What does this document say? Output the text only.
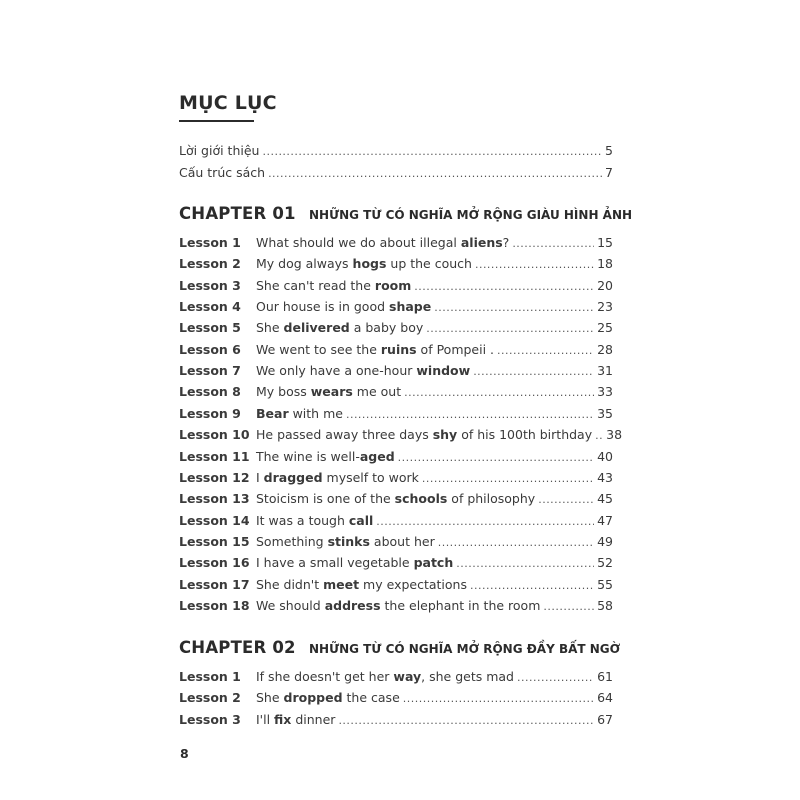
MỤC LỤC
Lời giới thiệu . . .	5
Cấu trúc sách . . .	7
CHAPTER 01	NHỮNG TỪ CÓ NGHĨA MỞ RỘNG GIÀU HÌNH ẢNH
Lesson 1	What should we do about illegal aliens? . . .	15
Lesson 2	My dog always hogs up the couch . . .	18
Lesson 3	She can't read the room . . .	20
Lesson 4	Our house is in good shape . . .	23
Lesson 5	She delivered a baby boy . . .	25
Lesson 6	We went to see the ruins of Pompeii . . . .	28
Lesson 7	We only have a one-hour window . . .	31
Lesson 8	My boss wears me out . . .	33
Lesson 9	Bear with me . . .	35
Lesson 10 He passed away three days shy of his 100th birthday . . . 38
Lesson 11 The wine is well-aged . . .	40
Lesson 12 I dragged myself to work . . .	43
Lesson 13 Stoicism is one of the schools of philosophy . . .	45
Lesson 14 It was a tough call . . .	47
Lesson 15 Something stinks about her . . .	49
Lesson 16 I have a small vegetable patch . . .	52
Lesson 17 She didn't meet my expectations . . .	55
Lesson 18 We should address the elephant in the room . . .	58
CHAPTER 02	NHỮNG TỪ CÓ NGHĨA MỞ RỘNG ĐẦY BẤT NGỜ
Lesson 1	If she doesn't get her way, she gets mad . . .	61
Lesson 2	She dropped the case . . .	64
Lesson 3	I'll fix dinner . . .	67
8
